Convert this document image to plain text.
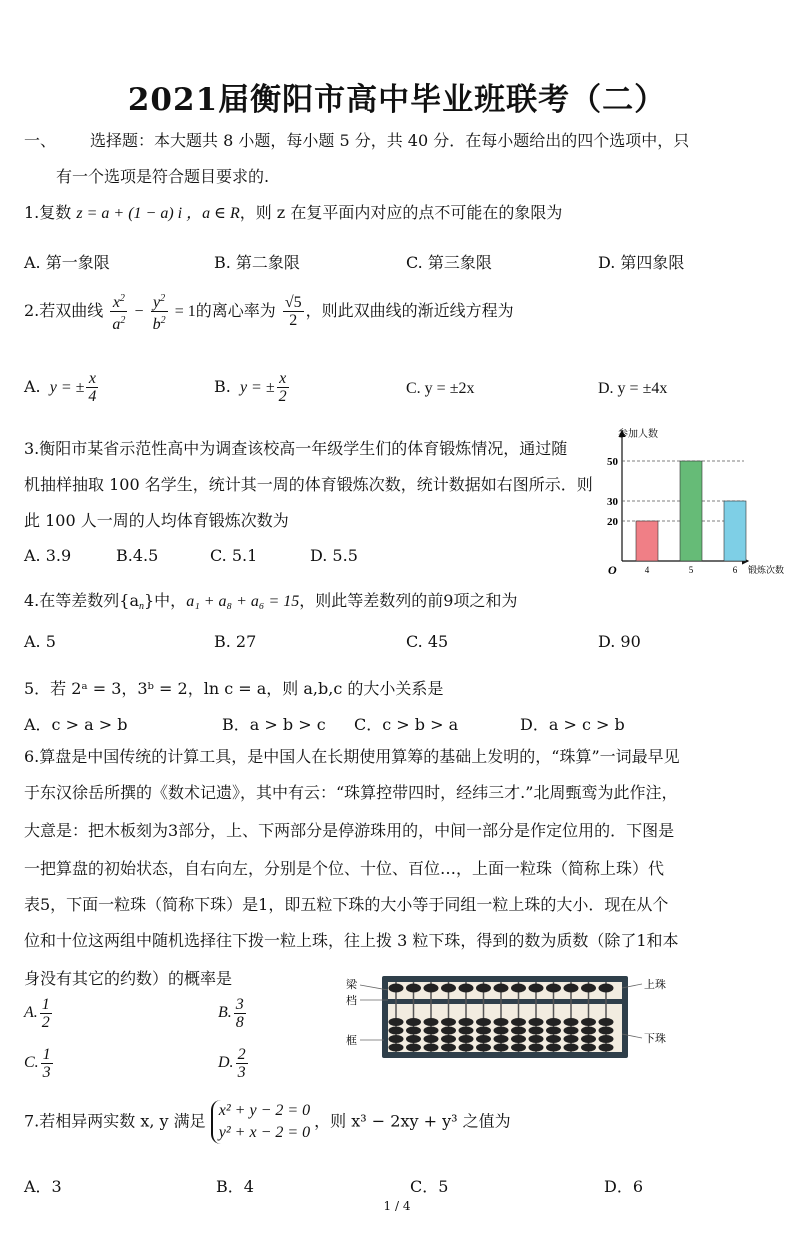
2021届衡阳市高中毕业班联考（二）
一、 选择题：本大题共 8 小题，每小题 5 分，共 40 分．在每小题给出的四个选项中，只
有一个选项是符合题目要求的.
1.复数 z = a + (1 − a) i ，a ∈ R，则 z 在复平面内对应的点不可能在的象限为
A. 第一象限	B. 第二象限	C. 第三象限	D. 第四象限
2.若双曲线 $\frac{x^2}{a^2} - \frac{y^2}{b^2} = 1$的离心率为 $\frac{√5}{2}$ ，则此双曲线的渐近线方程为
A.  y = ± $\frac{x}{4}$	B.  y = ± $\frac{x}{2}$	C. y = ±2x	D. y = ±4x
3.衡阳市某省示范性高中为调查该校高一年级学生们的体育锻炼情况，通过随
机抽样抽取 100 名学生，统计其一周的体育锻炼次数，统计数据如右图所示．则
此 100 人一周的人均体育锻炼次数为
A. 3.9	B.4.5	C. 5.1	D. 5.5
20
30
50
4	5	6
参加人数
锻炼次数
O
4.在等差数列$\{a_n\}$中，a₁ + a₈ + a₆ = 15，则此等差数列的前9项之和为
A. 5	B. 27	C. 45	D. 90
5．若 2ᵃ = 3，3ᵇ = 2，ln c = a，则 a,b,c 的大小关系是
A．c > a > b	B．a > b > c C．c > b > a	D．a > c > b
6.算盘是中国传统的计算工具，是中国人在长期使用算筹的基础上发明的，“珠算”一词最早见
于东汉徐岳所撰的《数术记遗》，其中有云：“珠算控带四时，经纬三才.”北周甄鸾为此作注，
大意是：把木板刻为3部分，上、下两部分是停游珠用的，中间一部分是作定位用的．下图是
一把算盘的初始状态，自右向左，分别是个位、十位、百位…，上面一粒珠（简称上珠）代
表5，下面一粒珠（简称下珠）是1，即五粒下珠的大小等于同组一粒上珠的大小．现在从个
位和十位这两组中随机选择往下拨一粒上珠，往上拨 3 粒下珠，得到的数为质数（除了1和本
身没有其它的约数）的概率是
A. $\frac{1}{2}$	B. $\frac{3}{8}$
C. $\frac{1}{3}$	D. $\frac{2}{3}$
梁
档
框
上珠
下珠
7.若相异两实数 x, y 满足
x² + y − 2 = 0
y² + x − 2 = 0
，则 x³ − 2xy + y³ 之值为
A．3	B．4	C．5	D．6
1 / 4
